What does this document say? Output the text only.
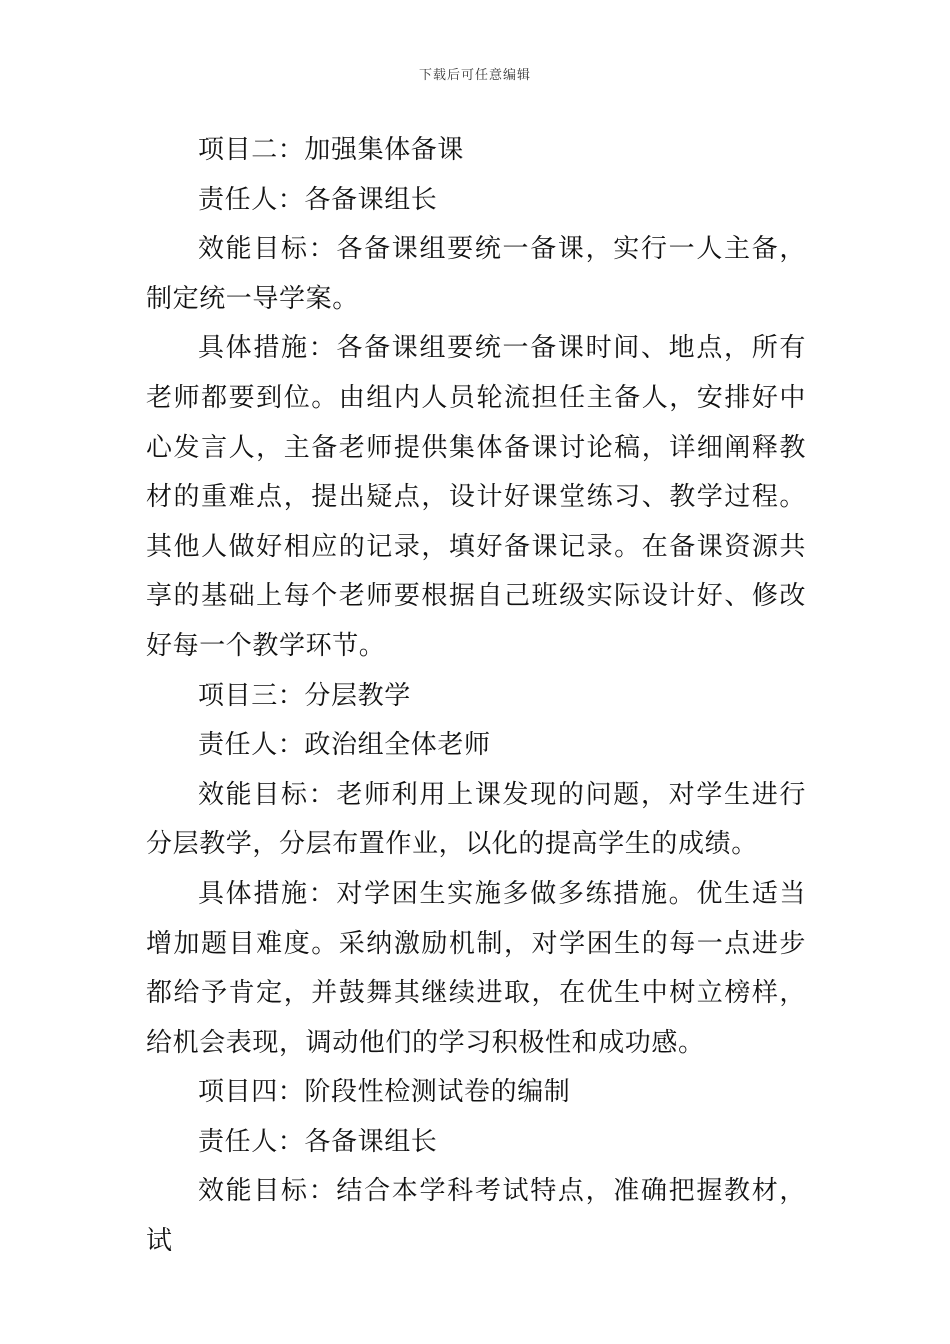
下载后可任意编辑

项目二：加强集体备课

责任人：各备课组长

效能目标：各备课组要统一备课，实行一人主备，制定统一导学案。

具体措施：各备课组要统一备课时间、地点，所有老师都要到位。由组内人员轮流担任主备人，安排好中心发言人，主备老师提供集体备课讨论稿，详细阐释教材的重难点，提出疑点，设计好课堂练习、教学过程。其他人做好相应的记录，填好备课记录。在备课资源共享的基础上每个老师要根据自己班级实际设计好、修改好每一个教学环节。

项目三：分层教学

责任人：政治组全体老师

效能目标：老师利用上课发现的问题，对学生进行分层教学，分层布置作业，以化的提高学生的成绩。

具体措施：对学困生实施多做多练措施。优生适当增加题目难度。采纳激励机制，对学困生的每一点进步都给予肯定，并鼓舞其继续进取，在优生中树立榜样，给机会表现，调动他们的学习积极性和成功感。

项目四：阶段性检测试卷的编制

责任人：各备课组长

效能目标：结合本学科考试特点，准确把握教材，试
